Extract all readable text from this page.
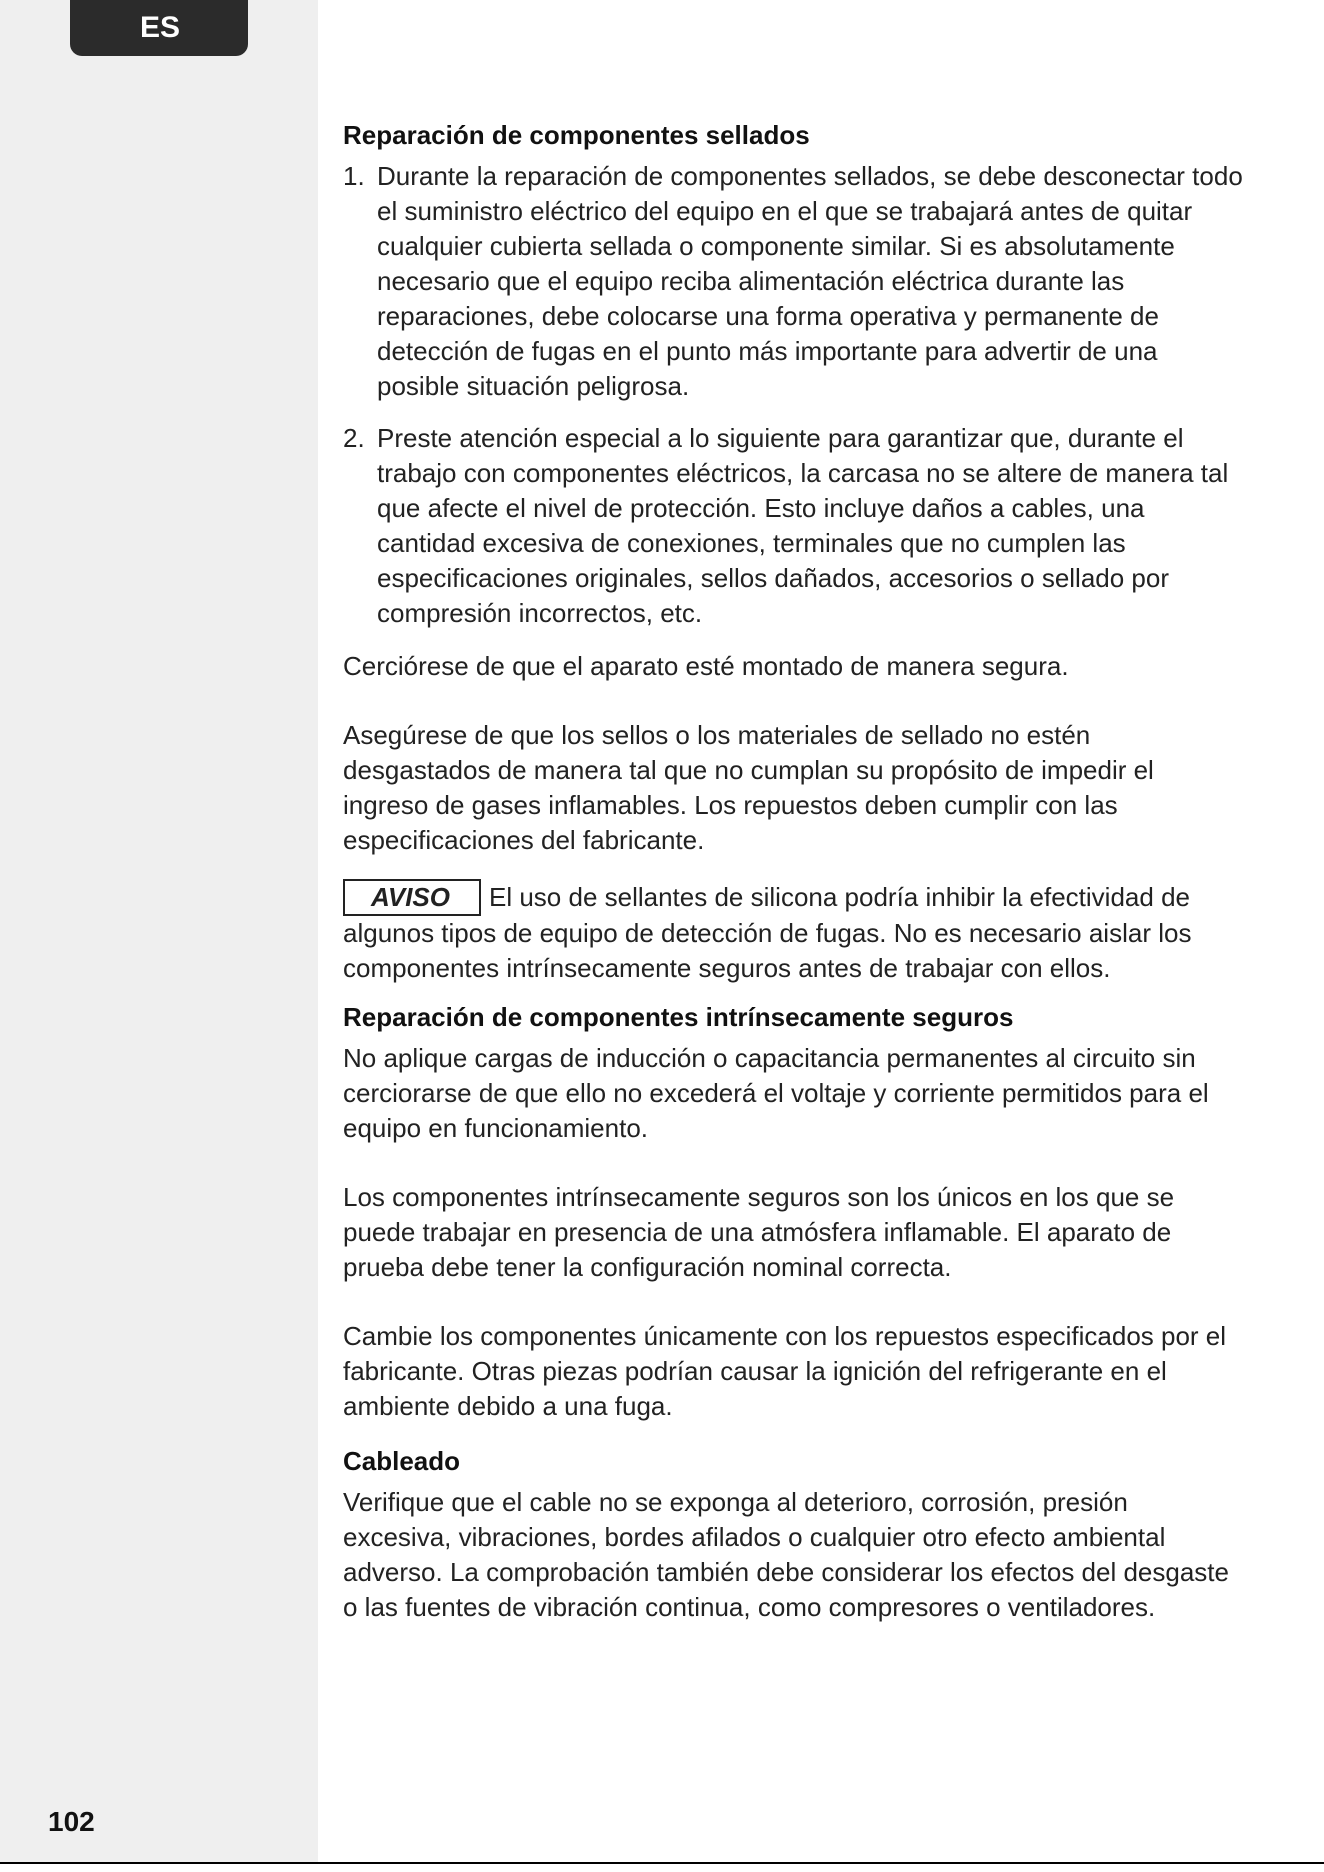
ES
Reparación de componentes sellados
1. Durante la reparación de componentes sellados, se debe desconectar todo el suministro eléctrico del equipo en el que se trabajará antes de quitar cualquier cubierta sellada o componente similar. Si es absolutamente necesario que el equipo reciba alimentación eléctrica durante las reparaciones, debe colocarse una forma operativa y permanente de detección de fugas en el punto más importante para advertir de una posible situación peligrosa.
2. Preste atención especial a lo siguiente para garantizar que, durante el trabajo con componentes eléctricos, la carcasa no se altere de manera tal que afecte el nivel de protección. Esto incluye daños a cables, una cantidad excesiva de conexiones, terminales que no cumplen las especificaciones originales, sellos dañados, accesorios o sellado por compresión incorrectos, etc.

Cerciórese de que el aparato esté montado de manera segura.

Asegúrese de que los sellos o los materiales de sellado no estén desgastados de manera tal que no cumplan su propósito de impedir el ingreso de gases inflamables. Los repuestos deben cumplir con las especificaciones del fabricante.

AVISO El uso de sellantes de silicona podría inhibir la efectividad de algunos tipos de equipo de detección de fugas. No es necesario aislar los componentes intrínsecamente seguros antes de trabajar con ellos.

Reparación de componentes intrínsecamente seguros

No aplique cargas de inducción o capacitancia permanentes al circuito sin cerciorarse de que ello no excederá el voltaje y corriente permitidos para el equipo en funcionamiento.

Los componentes intrínsecamente seguros son los únicos en los que se puede trabajar en presencia de una atmósfera inflamable. El aparato de prueba debe tener la configuración nominal correcta.

Cambie los componentes únicamente con los repuestos especificados por el fabricante. Otras piezas podrían causar la ignición del refrigerante en el ambiente debido a una fuga.

Cableado

Verifique que el cable no se exponga al deterioro, corrosión, presión excesiva, vibraciones, bordes afilados o cualquier otro efecto ambiental adverso. La comprobación también debe considerar los efectos del desgaste o las fuentes de vibración continua, como compresores o ventiladores.

102
